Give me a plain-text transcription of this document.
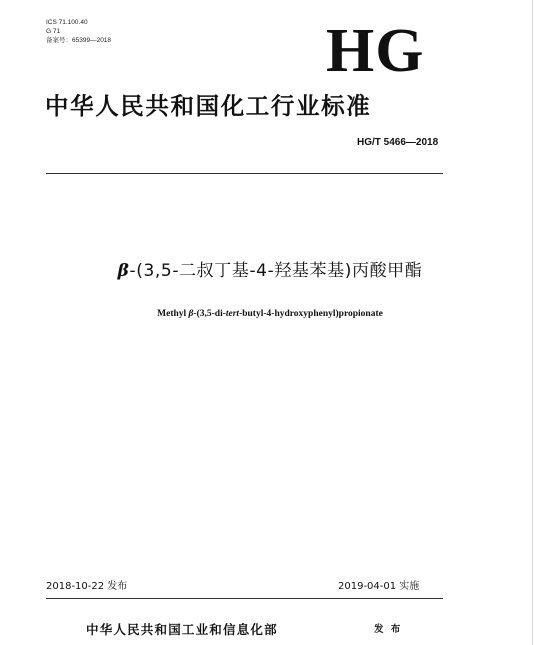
ICS 71.100.40
G 71
备案号：65399—2018	HG
中华人民共和国化工行业标准
HG/T 5466—2018
β-(3,5-二叔丁基-4-羟基苯基)丙酸甲酯
Methyl β-(3,5-di-tert-butyl-4-hydroxyphenyl)propionate
2018-10-22 发布	2019-04-01 实施
中华人民共和国工业和信息化部	发 布
